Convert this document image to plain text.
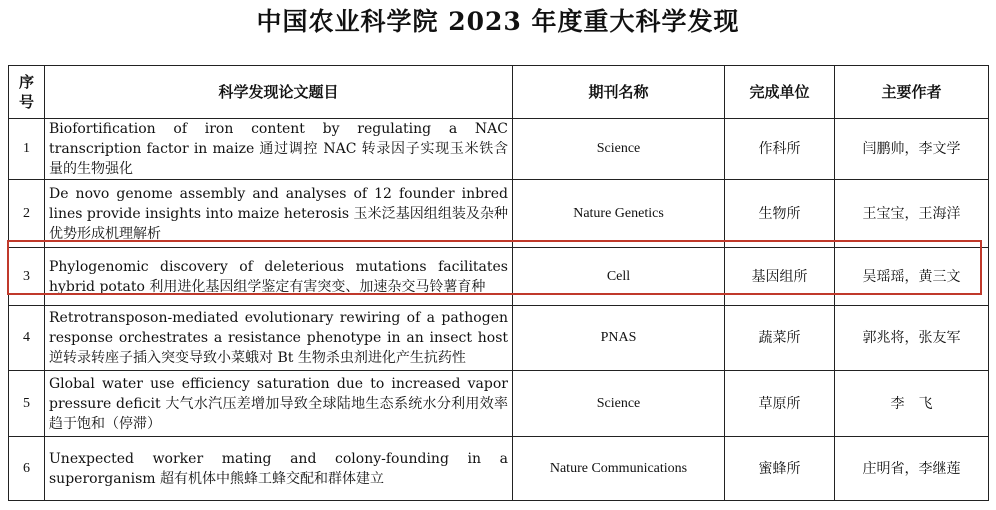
中国农业科学院 2023 年度重大科学发现
序号	科学发现论文题目	期刊名称	完成单位	主要作者
1	Biofortification of iron content by regulating a NAC transcription factor in maize 通过调控 NAC 转录因子实现玉米铁含量的生物强化	Science	作科所	闫鹏帅，李文学
2	De novo genome assembly and analyses of 12 founder inbred lines provide insights into maize heterosis 玉米泛基因组组装及杂种优势形成机理解析	Nature Genetics	生物所	王宝宝，王海洋
3	Phylogenomic discovery of deleterious mutations facilitates hybrid potato 利用进化基因组学鉴定有害突变、加速杂交马铃薯育种	Cell	基因组所	吴瑶瑶，黄三文
4	Retrotransposon-mediated evolutionary rewiring of a pathogen response orchestrates a resistance phenotype in an insect host 逆转录转座子插入突变导致小菜蛾对 Bt 生物杀虫剂进化产生抗药性	PNAS	蔬菜所	郭兆将，张友军
5	Global water use efficiency saturation due to increased vapor pressure deficit 大气水汽压差增加导致全球陆地生态系统水分利用效率趋于饱和（停滞）	Science	草原所	李　飞
6	Unexpected worker mating and colony-founding in a superorganism 超有机体中熊蜂工蜂交配和群体建立	Nature Communications	蜜蜂所	庄明省，李继莲
